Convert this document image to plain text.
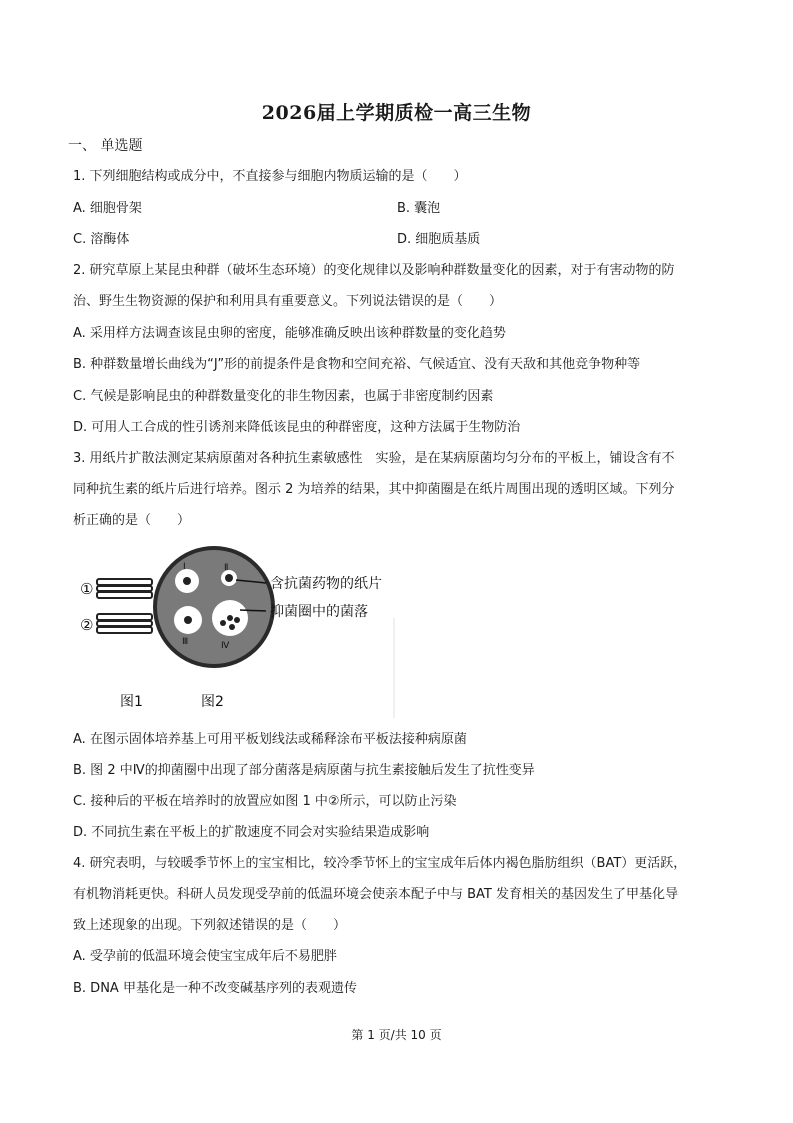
2026届上学期质检一高三生物
一、 单选题
1. 下列细胞结构或成分中，不直接参与细胞内物质运输的是（　　）
A. 细胞骨架	B. 囊泡
C. 溶酶体	D. 细胞质基质
2. 研究草原上某昆虫种群（破坏生态环境）的变化规律以及影响种群数量变化的因素，对于有害动物的防
治、野生生物资源的保护和利用具有重要意义。下列说法错误的是（　　）
A. 采用样方法调查该昆虫卵的密度，能够准确反映出该种群数量的变化趋势
B. 种群数量增长曲线为“J”形的前提条件是食物和空间充裕、气候适宜、没有天敌和其他竞争物种等
C. 气候是影响昆虫的种群数量变化的非生物因素，也属于非密度制约因素
D. 可用人工合成的性引诱剂来降低该昆虫的种群密度，这种方法属于生物防治
3. 用纸片扩散法测定某病原菌对各种抗生素敏感性　实验，是在某病原菌均匀分布的平板上，铺设含有不
同种抗生素的纸片后进行培养。图示 2 为培养的结果，其中抑菌圈是在纸片周围出现的透明区域。下列分
析正确的是（　　）
①
②
Ⅰ	Ⅱ
Ⅲ	Ⅳ
含抗菌药物的纸片
抑菌圈中的菌落
图1	图2
A. 在图示固体培养基上可用平板划线法或稀释涂布平板法接种病原菌
B. 图 2 中Ⅳ的抑菌圈中出现了部分菌落是病原菌与抗生素接触后发生了抗性变异
C. 接种后的平板在培养时的放置应如图 1 中②所示，可以防止污染
D. 不同抗生素在平板上的扩散速度不同会对实验结果造成影响
4. 研究表明，与较暖季节怀上的宝宝相比，较冷季节怀上的宝宝成年后体内褐色脂肪组织（BAT）更活跃，
有机物消耗更快。科研人员发现受孕前的低温环境会使亲本配子中与 BAT 发育相关的基因发生了甲基化导
致上述现象的出现。下列叙述错误的是（　　）
A. 受孕前的低温环境会使宝宝成年后不易肥胖
B. DNA 甲基化是一种不改变碱基序列的表观遗传
第 1 页/共 10 页
